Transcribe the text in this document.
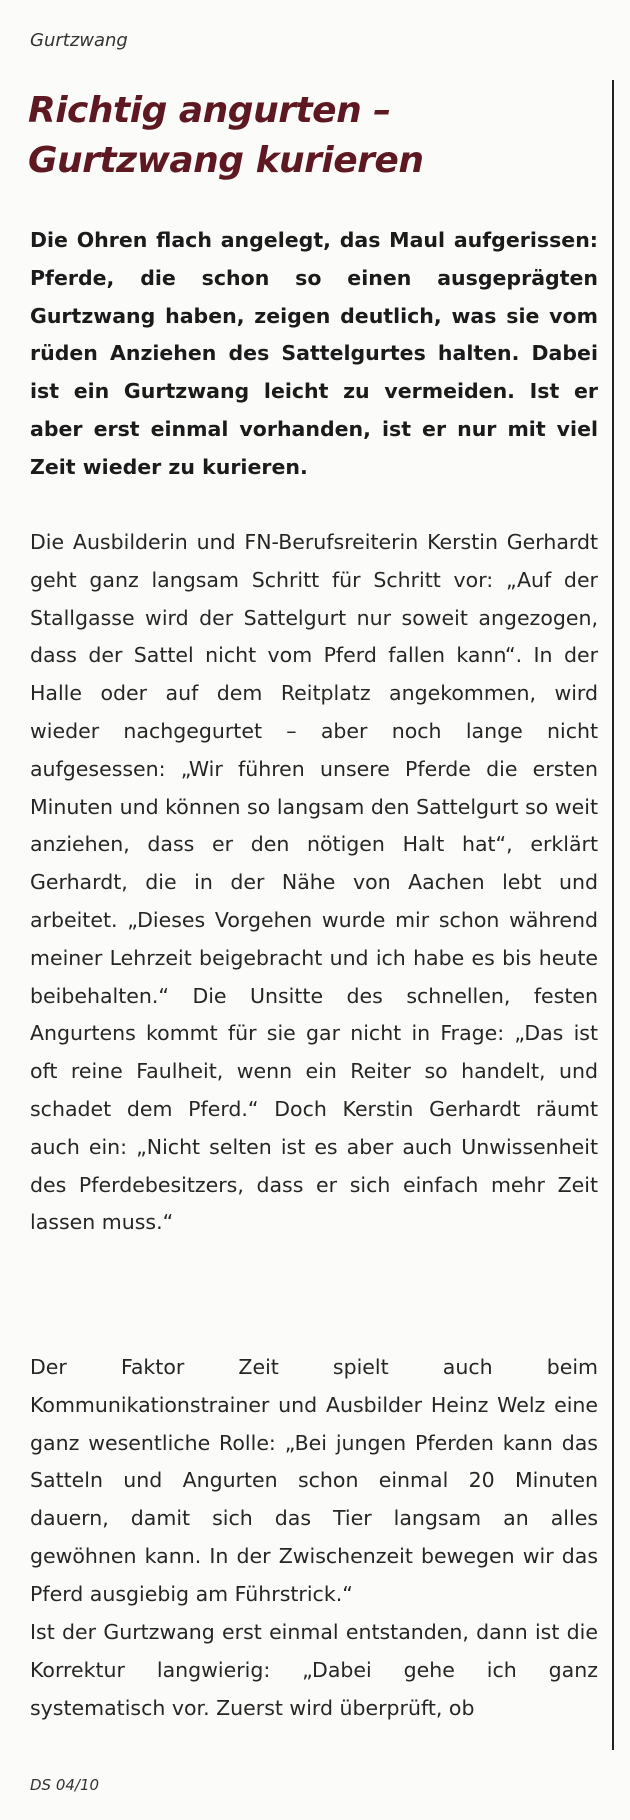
Gurtzwang
Richtig angurten –
Gurtzwang kurieren

Die Ohren flach angelegt, das Maul aufgerissen: Pferde, die schon so einen ausgeprägten Gurtzwang haben, zeigen deutlich, was sie vom rüden Anziehen des Sattelgurtes halten. Dabei ist ein Gurtzwang leicht zu vermeiden. Ist er aber erst einmal vorhanden, ist er nur mit viel Zeit wieder zu kurieren.

Die Ausbilderin und FN-Berufsreiterin Kerstin Gerhardt geht ganz langsam Schritt für Schritt vor: „Auf der Stallgasse wird der Sattelgurt nur soweit angezogen, dass der Sattel nicht vom Pferd fallen kann“. In der Halle oder auf dem Reitplatz angekommen, wird wieder nachgegurtet – aber noch lange nicht aufgesessen: „Wir führen unsere Pferde die ersten Minuten und können so langsam den Sattelgurt so weit anziehen, dass er den nötigen Halt hat“, erklärt Gerhardt, die in der Nähe von Aachen lebt und arbeitet. „Dieses Vorgehen wurde mir schon während meiner Lehrzeit beigebracht und ich habe es bis heute beibehalten.“ Die Unsitte des schnellen, festen Angurtens kommt für sie gar nicht in Frage: „Das ist oft reine Faulheit, wenn ein Reiter so handelt, und schadet dem Pferd.“ Doch Kerstin Gerhardt räumt auch ein: „Nicht selten ist es aber auch Unwissenheit des Pferdebesitzers, dass er sich einfach mehr Zeit lassen muss.“

Der Faktor Zeit spielt auch beim Kommunikationstrainer und Ausbilder Heinz Welz eine ganz wesentliche Rolle: „Bei jungen Pferden kann das Satteln und Angurten schon einmal 20 Minuten dauern, damit sich das Tier langsam an alles gewöhnen kann. In der Zwischenzeit bewegen wir das Pferd ausgiebig am Führstrick.“

Ist der Gurtzwang erst einmal entstanden, dann ist die Korrektur langwierig: „Dabei gehe ich ganz systematisch vor. Zuerst wird überprüft, ob

DS 04/10
